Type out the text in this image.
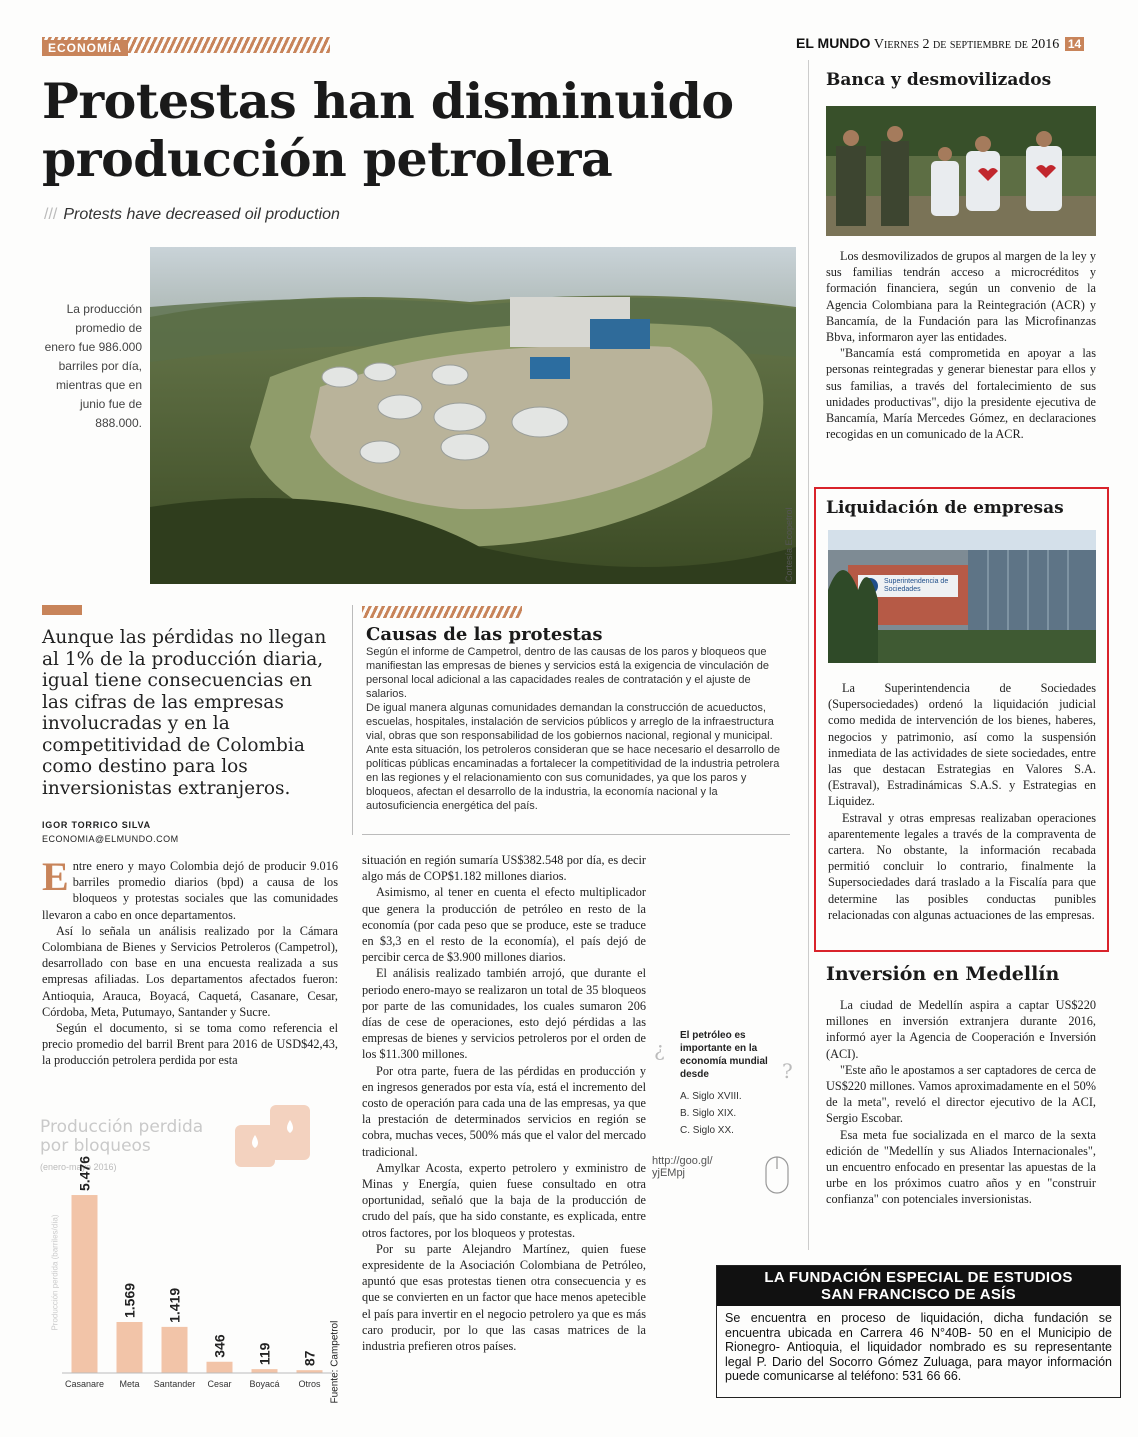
ECONOMÍA	EL MUNDO Viernes 2 de septiembre de 2016 14
Protestas han disminuido
producción petrolera
/// Protests have decreased oil production
La producción promedio de enero fue 986.000 barriles por día, mientras que en junio fue de 888.000.
Cortesía Ecopetrol
Aunque las pérdidas no llegan al 1% de la producción diaria, igual tiene consecuencias en las cifras de las empresas involucradas y en la competitividad de Colombia como destino para los inversionistas extranjeros.
IGOR TORRICO SILVA
ECONOMIA@ELMUNDO.COM
Causas de las protestas

Según el informe de Campetrol, dentro de las causas de los paros y bloqueos que manifiestan las empresas de bienes y servicios está la exigencia de vinculación de personal local adicional a las capacidades reales de contratación y el ajuste de salarios.

De igual manera algunas comunidades demandan la construcción de acueductos, escuelas, hospitales, instalación de servicios públicos y arreglo de la infraestructura vial, obras que son responsabilidad de los gobiernos nacional, regional y municipal.

Ante esta situación, los petroleros consideran que se hace necesario el desarrollo de políticas públicas encaminadas a fortalecer la competitividad de la industria petrolera en las regiones y el relacionamiento con sus comunidades, ya que los paros y bloqueos, afectan el desarrollo de la industria, la economía nacional y la autosuficiencia energética del país.

Entre enero y mayo Colombia dejó de producir 9.016 barriles promedio diarios (bpd) a causa de los bloqueos y protestas sociales que las comunidades llevaron a cabo en once departamentos.

Así lo señala un análisis realizado por la Cámara Colombiana de Bienes y Servicios Petroleros (Campetrol), desarrollado con base en una encuesta realizada a sus empresas afiliadas. Los departamentos afectados fueron: Antioquia, Arauca, Boyacá, Caquetá, Casanare, Cesar, Córdoba, Meta, Putumayo, Santander y Sucre.

Según el documento, si se toma como referencia el precio promedio del barril Brent para 2016 de USD$42,43, la producción petrolera perdida por esta

situación en región sumaría US$382.548 por día, es decir algo más de COP$1.182 millones diarios.

Asimismo, al tener en cuenta el efecto multiplicador que genera la producción de petróleo en resto de la economía (por cada peso que se produce, este se traduce en $3,3 en el resto de la economía), el país dejó de percibir cerca de $3.900 millones diarios.

El análisis realizado también arrojó, que durante el periodo enero-mayo se realizaron un total de 35 bloqueos por parte de las comunidades, los cuales sumaron 206 días de cese de operaciones, esto dejó pérdidas a las empresas de bienes y servicios petroleros por el orden de los $11.300 millones.

Por otra parte, fuera de las pérdidas en producción y en ingresos generados por esta vía, está el incremento del costo de operación para cada una de las empresas, ya que la prestación de determinados servicios en región se cobra, muchas veces, 500% más que el valor del mercado tradicional.

Amylkar Acosta, experto petrolero y exministro de Minas y Energía, quien fuese consultado en otra oportunidad, señaló que la baja de la producción de crudo del país, que ha sido constante, es explicada, entre otros factores, por los bloqueos y protestas.

Por su parte Alejandro Martínez, quien fuese expresidente de la Asociación Colombiana de Petróleo, apuntó que esas protestas tienen otra consecuencia y es que se convierten en un factor que hace menos apetecible el país para invertir en el negocio petrolero ya que es más caro producir, por lo que las casas matrices de la industria prefieren otros países.

Producción perdida por bloqueos
(enero-mayo 2016)
Producción perdida (barriles/día)
Fuente: Campetrol
5.476
Casanare
1.569
Meta
1.419
Santander
346
Cesar
119
Boyacá
87
Otros
¿
?
El petróleo es importante en la economía mundial desde
A. Siglo XVIII.
B. Siglo XIX.
C. Siglo XX.
http://goo.gl/
yjEMpj
Banca y desmovilizados

Los desmovilizados de grupos al margen de la ley y sus familias tendrán acceso a microcréditos y formación financiera, según un convenio de la Agencia Colombiana para la Reintegración (ACR) y Bancamía, de la Fundación para las Microfinanzas Bbva, informaron ayer las entidades.

"Bancamía está comprometida en apoyar a las personas reintegradas y generar bienestar para ellos y sus familias, a través del fortalecimiento de sus unidades productivas", dijo la presidente ejecutiva de Bancamía, María Mercedes Gómez, en declaraciones recogidas en un comunicado de la ACR.

Liquidación de empresas
Superintendencia de Sociedades

La Superintendencia de Sociedades (Supersociedades) ordenó la liquidación judicial como medida de intervención de los bienes, haberes, negocios y patrimonio, así como la suspensión inmediata de las actividades de siete sociedades, entre las que destacan Estrategias en Valores S.A. (Estraval), Estradinámicas S.A.S. y Estrategias en Liquidez.

Estraval y otras empresas realizaban operaciones aparentemente legales a través de la compraventa de cartera. No obstante, la información recabada permitió concluir lo contrario, finalmente la Supersociedades dará traslado a la Fiscalía para que determine las posibles conductas punibles relacionadas con algunas actuaciones de las empresas.

Inversión en Medellín

La ciudad de Medellín aspira a captar US$220 millones en inversión extranjera durante 2016, informó ayer la Agencia de Cooperación e Inversión (ACI).

"Este año le apostamos a ser captadores de cerca de US$220 millones. Vamos aproximadamente en el 50% de la meta", reveló el director ejecutivo de la ACI, Sergio Escobar.

Esa meta fue socializada en el marco de la sexta edición de "Medellín y sus Aliados Internacionales", un encuentro enfocado en presentar las apuestas de la urbe en los próximos cuatro años y en "construir confianza" con potenciales inversionistas.

LA FUNDACIÓN ESPECIAL DE ESTUDIOS
SAN FRANCISCO DE ASÍS
Se encuentra en proceso de liquidación, dicha fundación se encuentra ubicada en Carrera 46 N°40B- 50 en el Municipio de Rionegro- Antioquia, el liquidador nombrado es su representante legal P. Dario del Socorro Gómez Zuluaga, para mayor información puede comunicarse al teléfono: 531 66 66.
